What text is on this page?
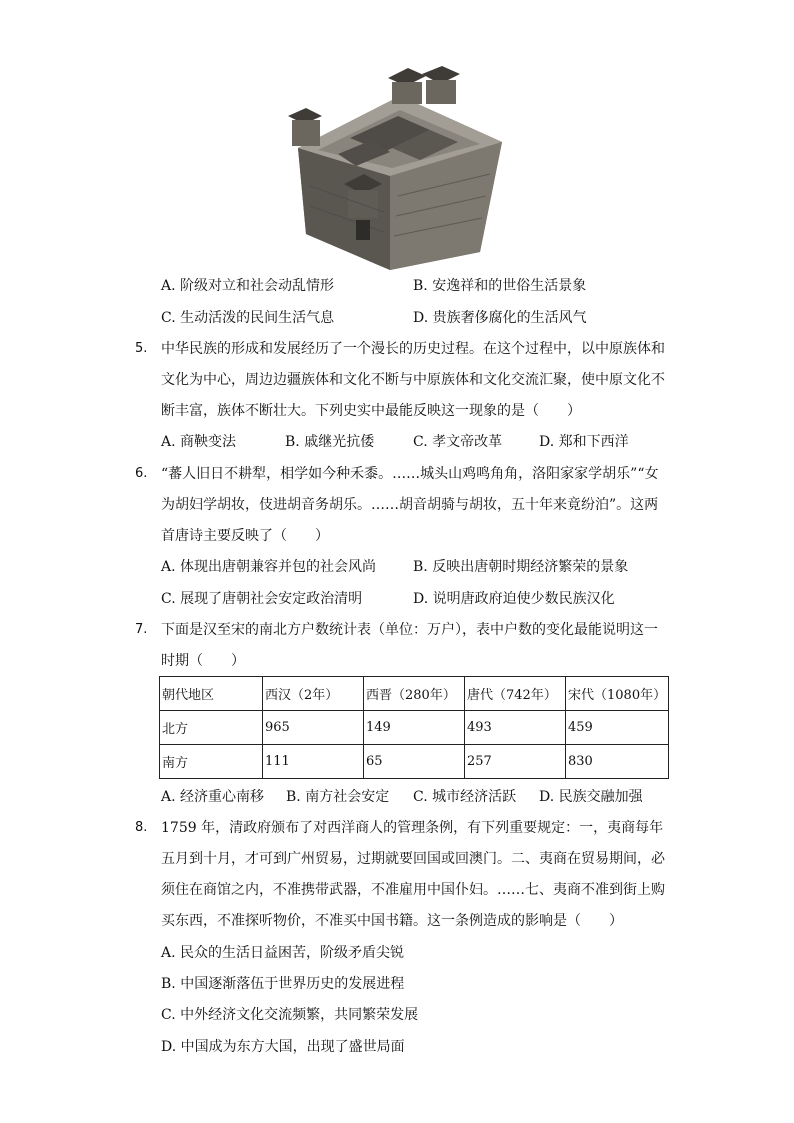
A. 阶级对立和社会动乱情形	B. 安逸祥和的世俗生活景象
C. 生动活泼的民间生活气息	D. 贵族奢侈腐化的生活风气
5. 中华民族的形成和发展经历了一个漫长的历史过程。在这个过程中，以中原族体和
文化为中心，周边边疆族体和文化不断与中原族体和文化交流汇聚，使中原文化不
断丰富，族体不断壮大。下列史实中最能反映这一现象的是（　　）
A. 商鞅变法	B. 戚继光抗倭	C. 孝文帝改革	D. 郑和下西洋
6. “蕃人旧日不耕犁，相学如今种禾黍。……城头山鸡鸣角角，洛阳家家学胡乐”“女
为胡妇学胡妆，伎进胡音务胡乐。……胡音胡骑与胡妆，五十年来竟纷泊”。这两
首唐诗主要反映了（　　）
A. 体现出唐朝兼容并包的社会风尚	B. 反映出唐朝时期经济繁荣的景象
C. 展现了唐朝社会安定政治清明	D. 说明唐政府迫使少数民族汉化
7. 下面是汉至宋的南北方户数统计表（单位：万户），表中户数的变化最能说明这一
时期（　　）
朝代地区	西汉（2年）	西晋（280年）	唐代（742年）	宋代（1080年）
北方	965	149	493	459
南方	111	65	257	830
A. 经济重心南移 B. 南方社会安定 C. 城市经济活跃 D. 民族交融加强
8. 1759 年，清政府颁布了对西洋商人的管理条例，有下列重要规定：一，夷商每年
五月到十月，才可到广州贸易，过期就要回国或回澳门。二、夷商在贸易期间，必
须住在商馆之内，不准携带武器，不准雇用中国仆妇。……七、夷商不准到街上购
买东西，不准探听物价，不准买中国书籍。这一条例造成的影响是（　　）
A. 民众的生活日益困苦，阶级矛盾尖锐
B. 中国逐渐落伍于世界历史的发展进程
C. 中外经济文化交流频繁，共同繁荣发展
D. 中国成为东方大国，出现了盛世局面
